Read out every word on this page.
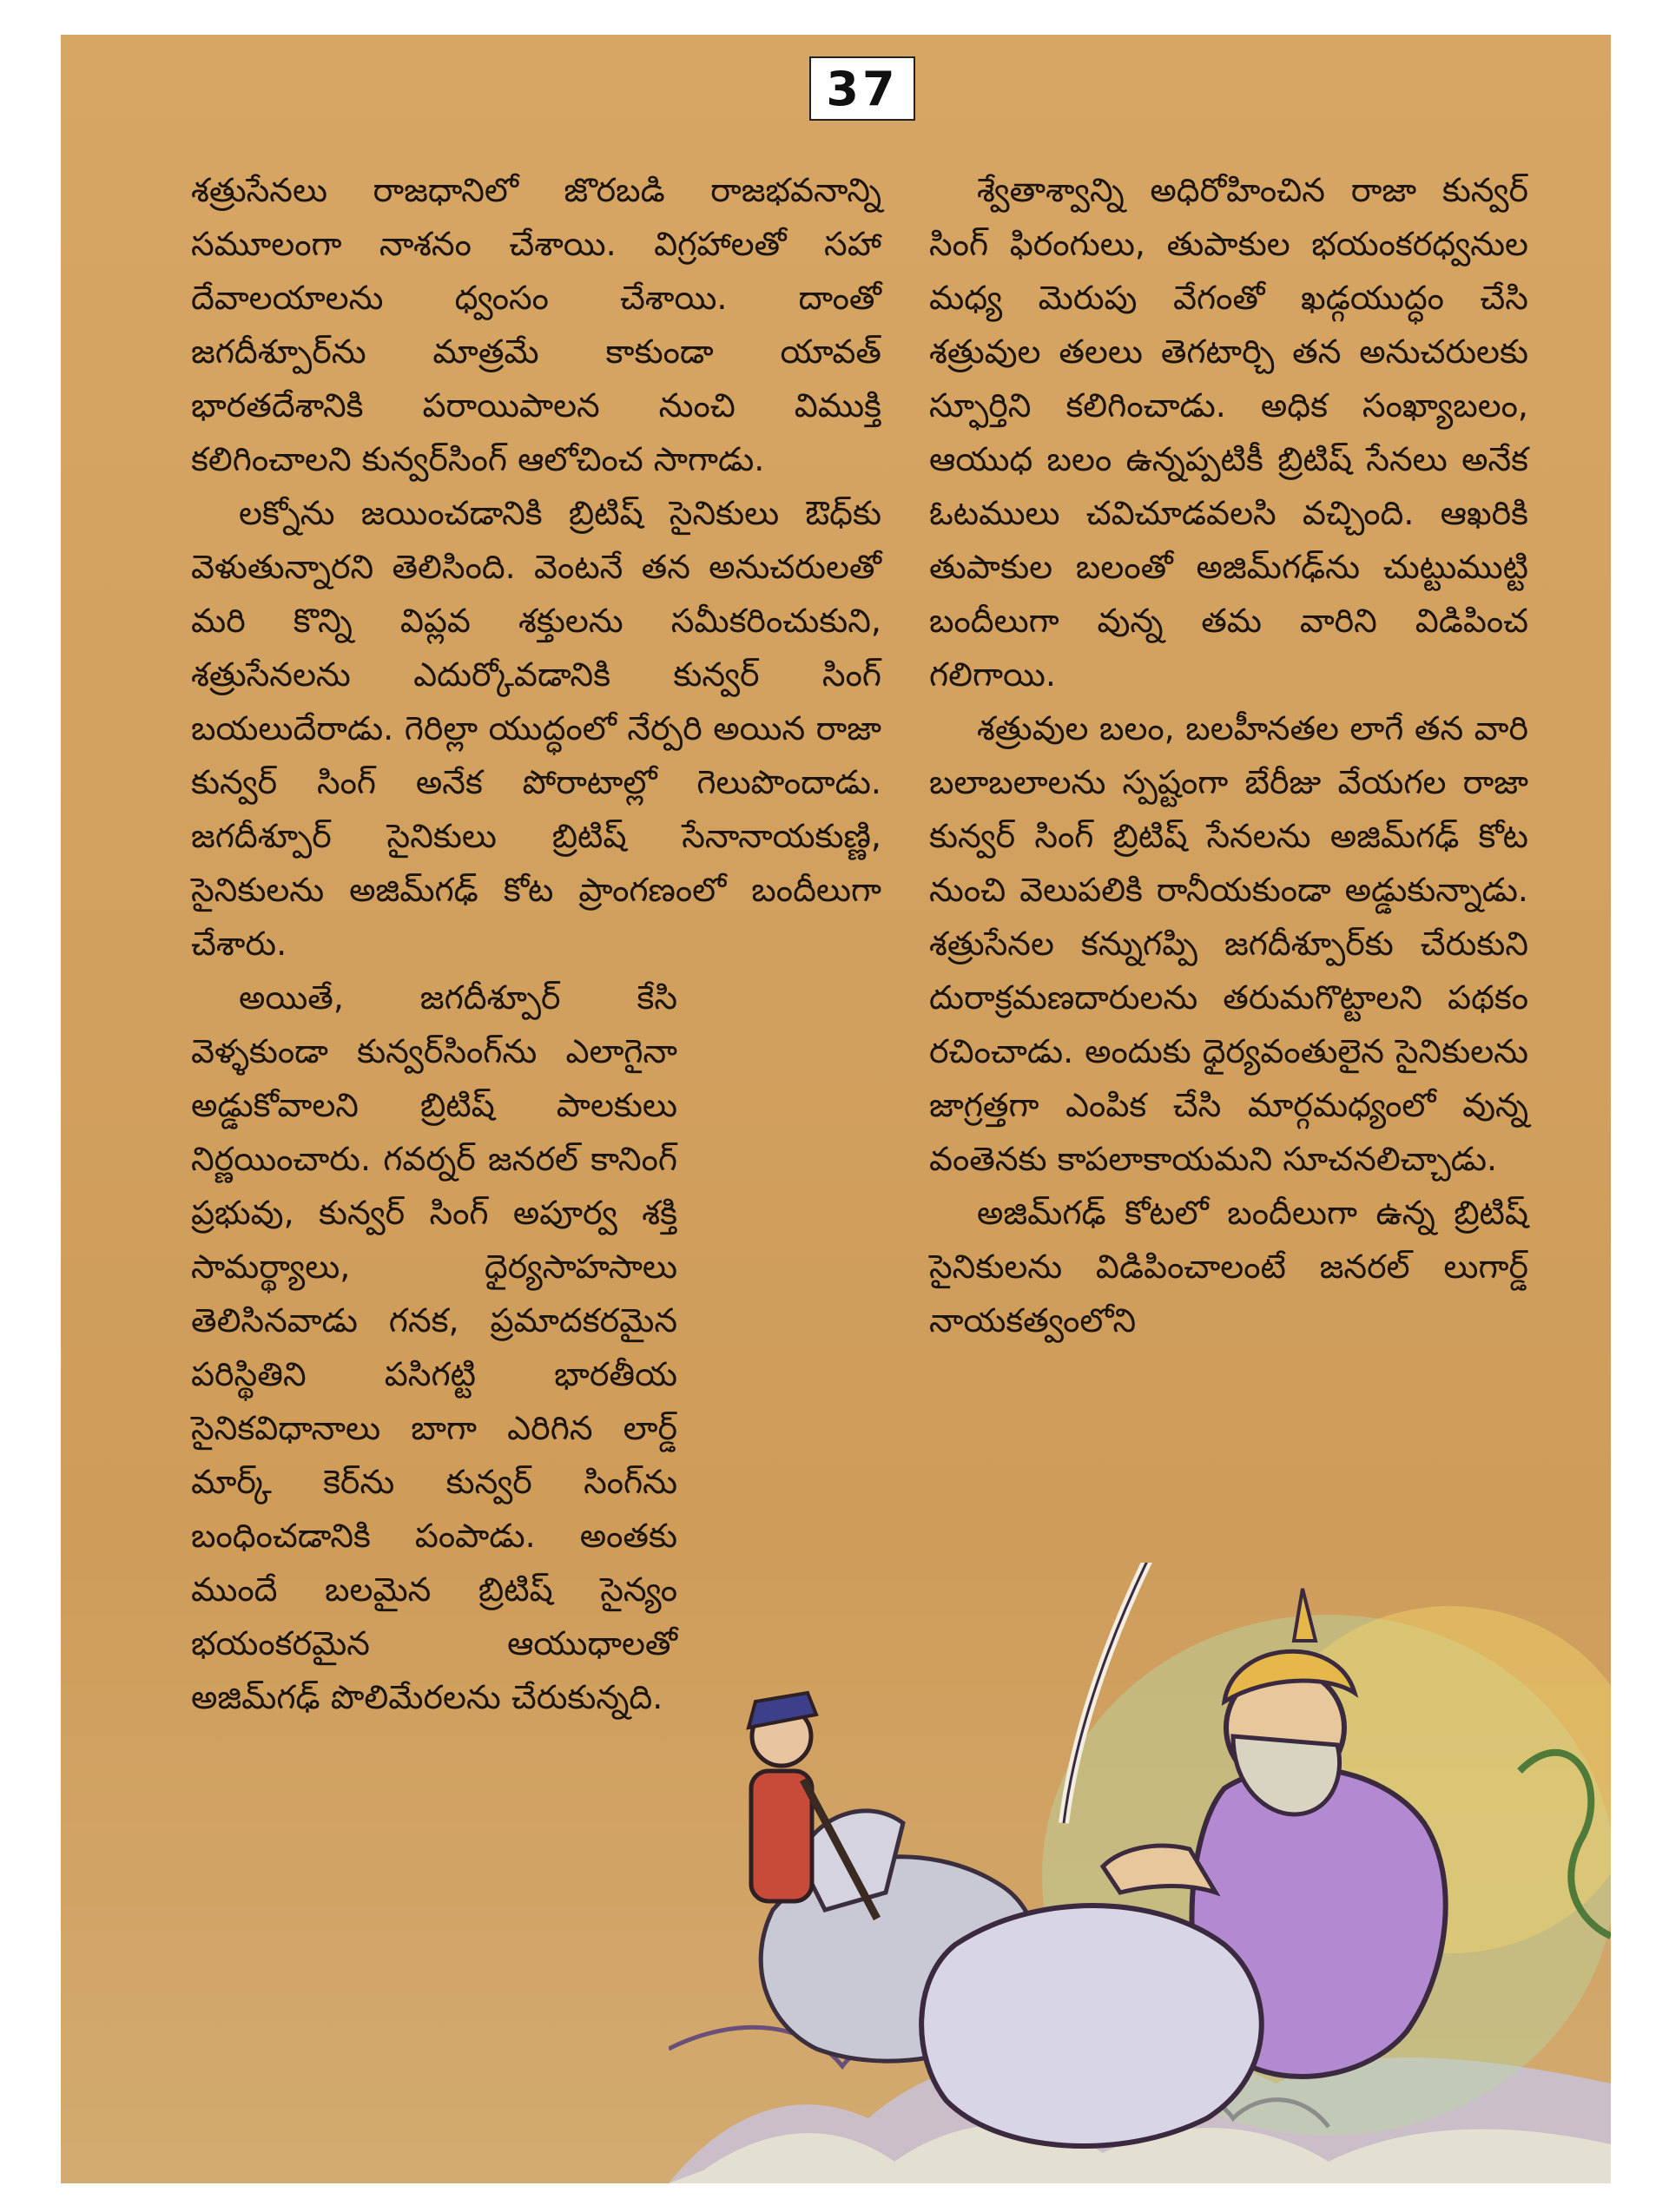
37

శత్రుసేనలు రాజధానిలో జొరబడి రాజభవనాన్ని సమూలంగా నాశనం చేశాయి. విగ్రహాలతో సహా దేవాలయాలను ధ్వంసం చేశాయి. దాంతో జగదీశ్పూర్‌ను మాత్రమే కాకుండా యావత్ భారతదేశానికి పరాయిపాలన నుంచి విముక్తి కలిగించాలని కున్వర్‌సింగ్ ఆలోచించ సాగాడు.

లక్నోను జయించడానికి బ్రిటిష్ సైనికులు ఔధ్‌కు వెళుతున్నారని తెలిసింది. వెంటనే తన అనుచరులతో మరి కొన్ని విప్లవ శక్తులను సమీకరించుకుని, శత్రుసేనలను ఎదుర్కోవడానికి కున్వర్ సింగ్ బయలుదేరాడు. గెరిల్లా యుద్ధంలో నేర్పరి అయిన రాజా కున్వర్ సింగ్ అనేక పోరాటాల్లో గెలుపొందాడు. జగదీశ్పూర్ సైనికులు బ్రిటిష్ సేనానాయకుణ్ణి, సైనికులను అజిమ్‌గఢ్ కోట ప్రాంగణంలో బందీలుగా చేశారు.

అయితే, జగదీశ్పూర్ కేసి వెళ్ళకుండా కున్వర్‌సింగ్‌ను ఎలాగైనా అడ్డుకోవాలని బ్రిటిష్ పాలకులు నిర్ణయించారు. గవర్నర్ జనరల్ కానింగ్ ప్రభువు, కున్వర్ సింగ్ అపూర్వ శక్తి సామర్థ్యాలు, ధైర్యసాహసాలు తెలిసినవాడు గనక, ప్రమాదకరమైన పరిస్థితిని పసిగట్టి భారతీయ సైనికవిధానాలు బాగా ఎరిగిన లార్డ్ మార్క్ కెర్‌ను కున్వర్ సింగ్‌ను బంధించడానికి పంపాడు. అంతకు ముందే బలమైన బ్రిటిష్ సైన్యం భయంకరమైన ఆయుధాలతో అజిమ్‌గఢ్ పొలిమేరలను చేరుకున్నది.

శ్వేతాశ్వాన్ని అధిరోహించిన రాజా కున్వర్ సింగ్ ఫిరంగులు, తుపాకుల భయంకరధ్వనుల మధ్య మెరుపు వేగంతో ఖడ్గయుద్ధం చేసి శత్రువుల తలలు తెగటార్చి తన అనుచరులకు స్ఫూర్తిని కలిగించాడు. అధిక సంఖ్యాబలం, ఆయుధ బలం ఉన్నప్పటికీ బ్రిటిష్ సేనలు అనేక ఓటములు చవిచూడవలసి వచ్చింది. ఆఖరికి తుపాకుల బలంతో అజిమ్‌గఢ్‌ను చుట్టుముట్టి బందీలుగా వున్న తమ వారిని విడిపించ గలిగాయి.

శత్రువుల బలం, బలహీనతల లాగే తన వారి బలాబలాలను స్పష్టంగా బేరీజు వేయగల రాజా కున్వర్ సింగ్ బ్రిటిష్ సేనలను అజిమ్‌గఢ్ కోట నుంచి వెలుపలికి రానీయకుండా అడ్డుకున్నాడు. శత్రుసేనల కన్నుగప్పి జగదీశ్పూర్‌కు చేరుకుని దురాక్రమణదారులను తరుమగొట్టాలని పథకం రచించాడు. అందుకు ధైర్యవంతులైన సైనికులను జాగ్రత్తగా ఎంపిక చేసి మార్గమధ్యంలో వున్న వంతెనకు కాపలాకాయమని సూచనలిచ్చాడు.

అజిమ్‌గఢ్ కోటలో బందీలుగా ఉన్న బ్రిటిష్ సైనికులను విడిపించాలంటే జనరల్ లుగార్డ్ నాయకత్వంలోని
